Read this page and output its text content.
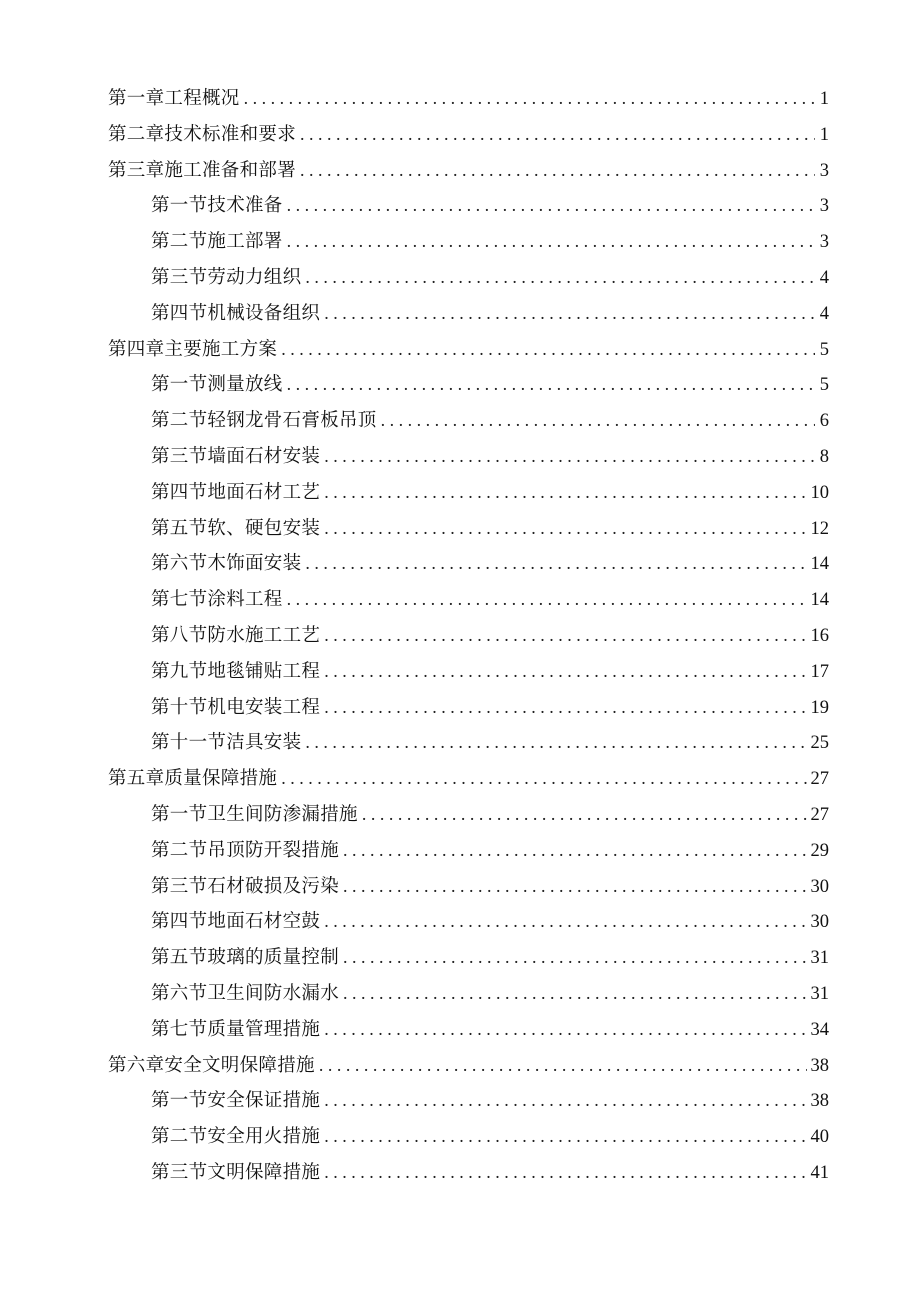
第一章工程概况 . . .	1
第二章技术标准和要求 . . .	1
第三章施工准备和部署 . . .	3
第一节技术准备 . . .	3
第二节施工部署 . . .	3
第三节劳动力组织 . . .	4
第四节机械设备组织 . . .	4
第四章主要施工方案 . . .	5
第一节测量放线 . . .	5
第二节轻钢龙骨石膏板吊顶 . . .	6
第三节墙面石材安装 . . .	8
第四节地面石材工艺 . . .	10
第五节软、硬包安装 . . .	12
第六节木饰面安装 . . .	14
第七节涂料工程 . . .	14
第八节防水施工工艺 . . .	16
第九节地毯铺贴工程 . . .	17
第十节机电安装工程 . . .	19
第十一节洁具安装 . . .	25
第五章质量保障措施 . . .	27
第一节卫生间防渗漏措施 . . .	27
第二节吊顶防开裂措施 . . .	29
第三节石材破损及污染 . . .	30
第四节地面石材空鼓 . . .	30
第五节玻璃的质量控制 . . .	31
第六节卫生间防水漏水 . . .	31
第七节质量管理措施 . . .	34
第六章安全文明保障措施 . . .	38
第一节安全保证措施 . . .	38
第二节安全用火措施 . . .	40
第三节文明保障措施 . . .	41
